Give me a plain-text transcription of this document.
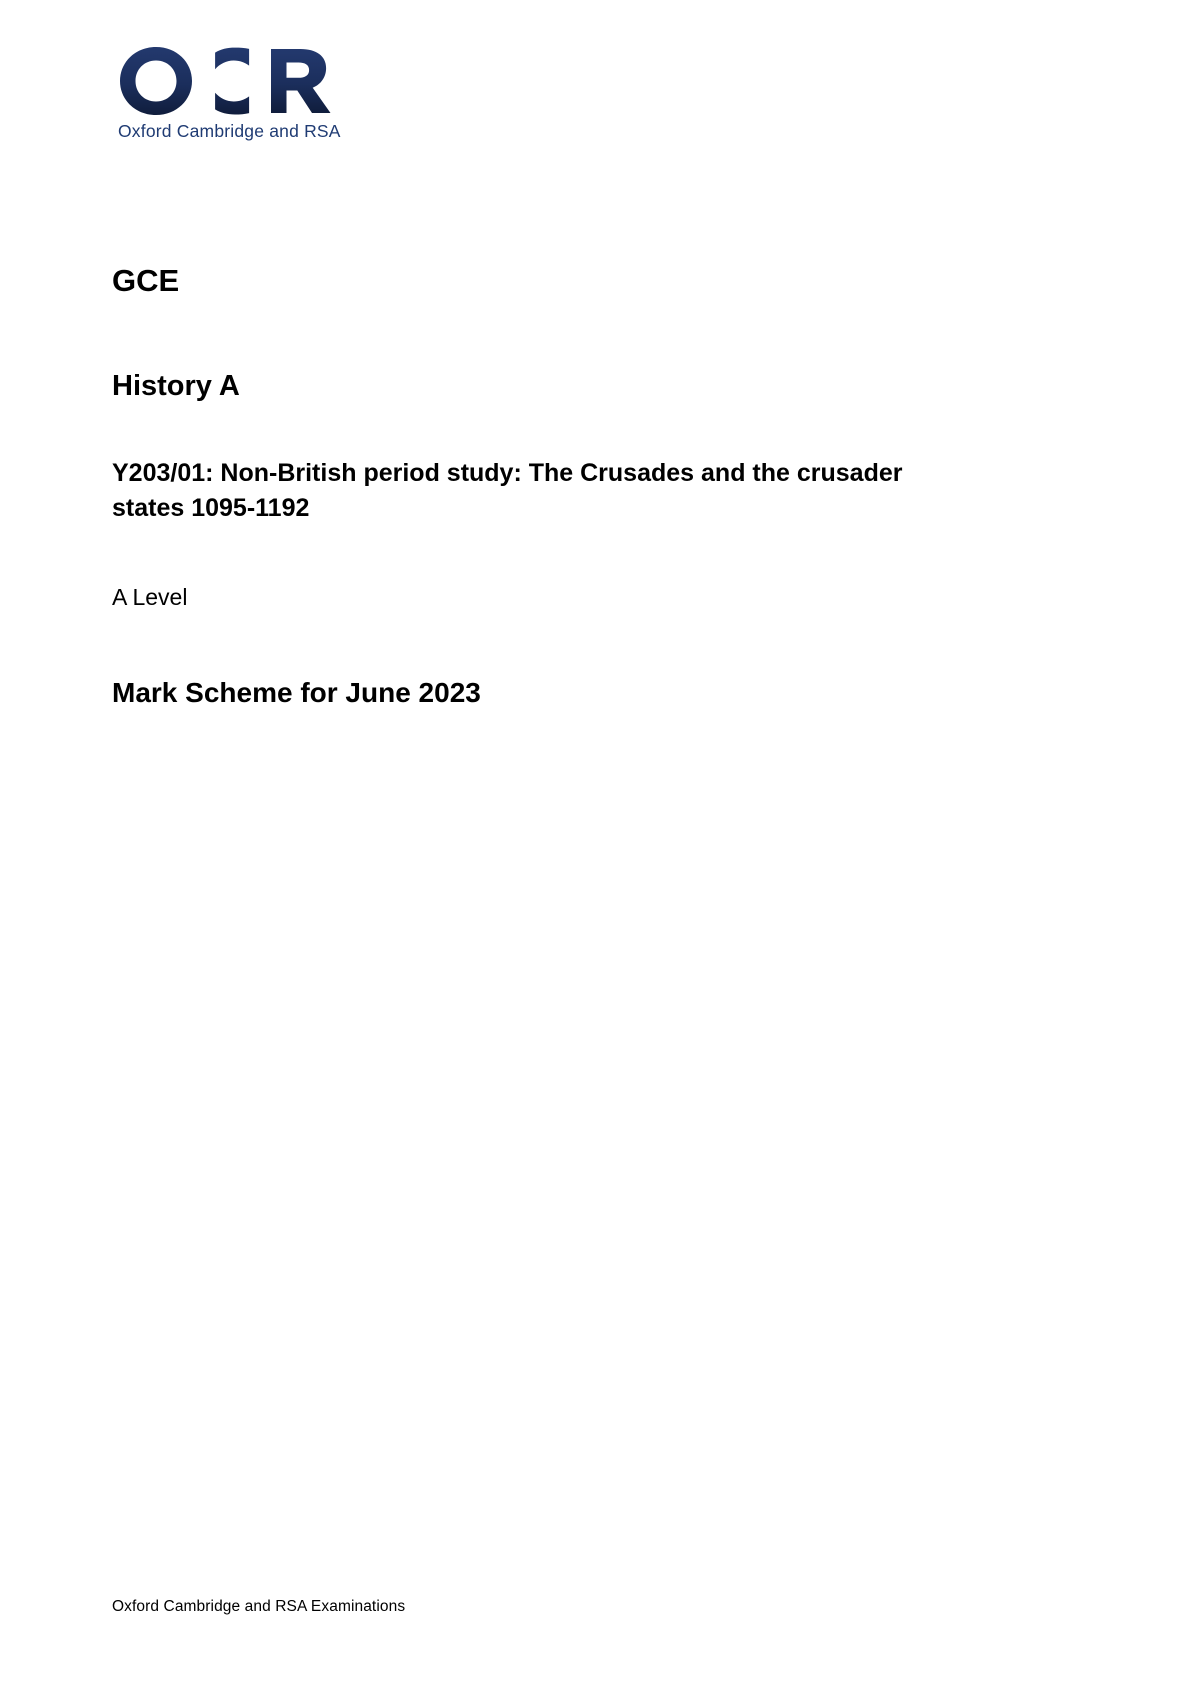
Oxford Cambridge and RSA
GCE
History A
Y203/01: Non-British period study: The Crusades and the crusader states 1095-1192
A Level
Mark Scheme for June 2023
Oxford Cambridge and RSA Examinations
